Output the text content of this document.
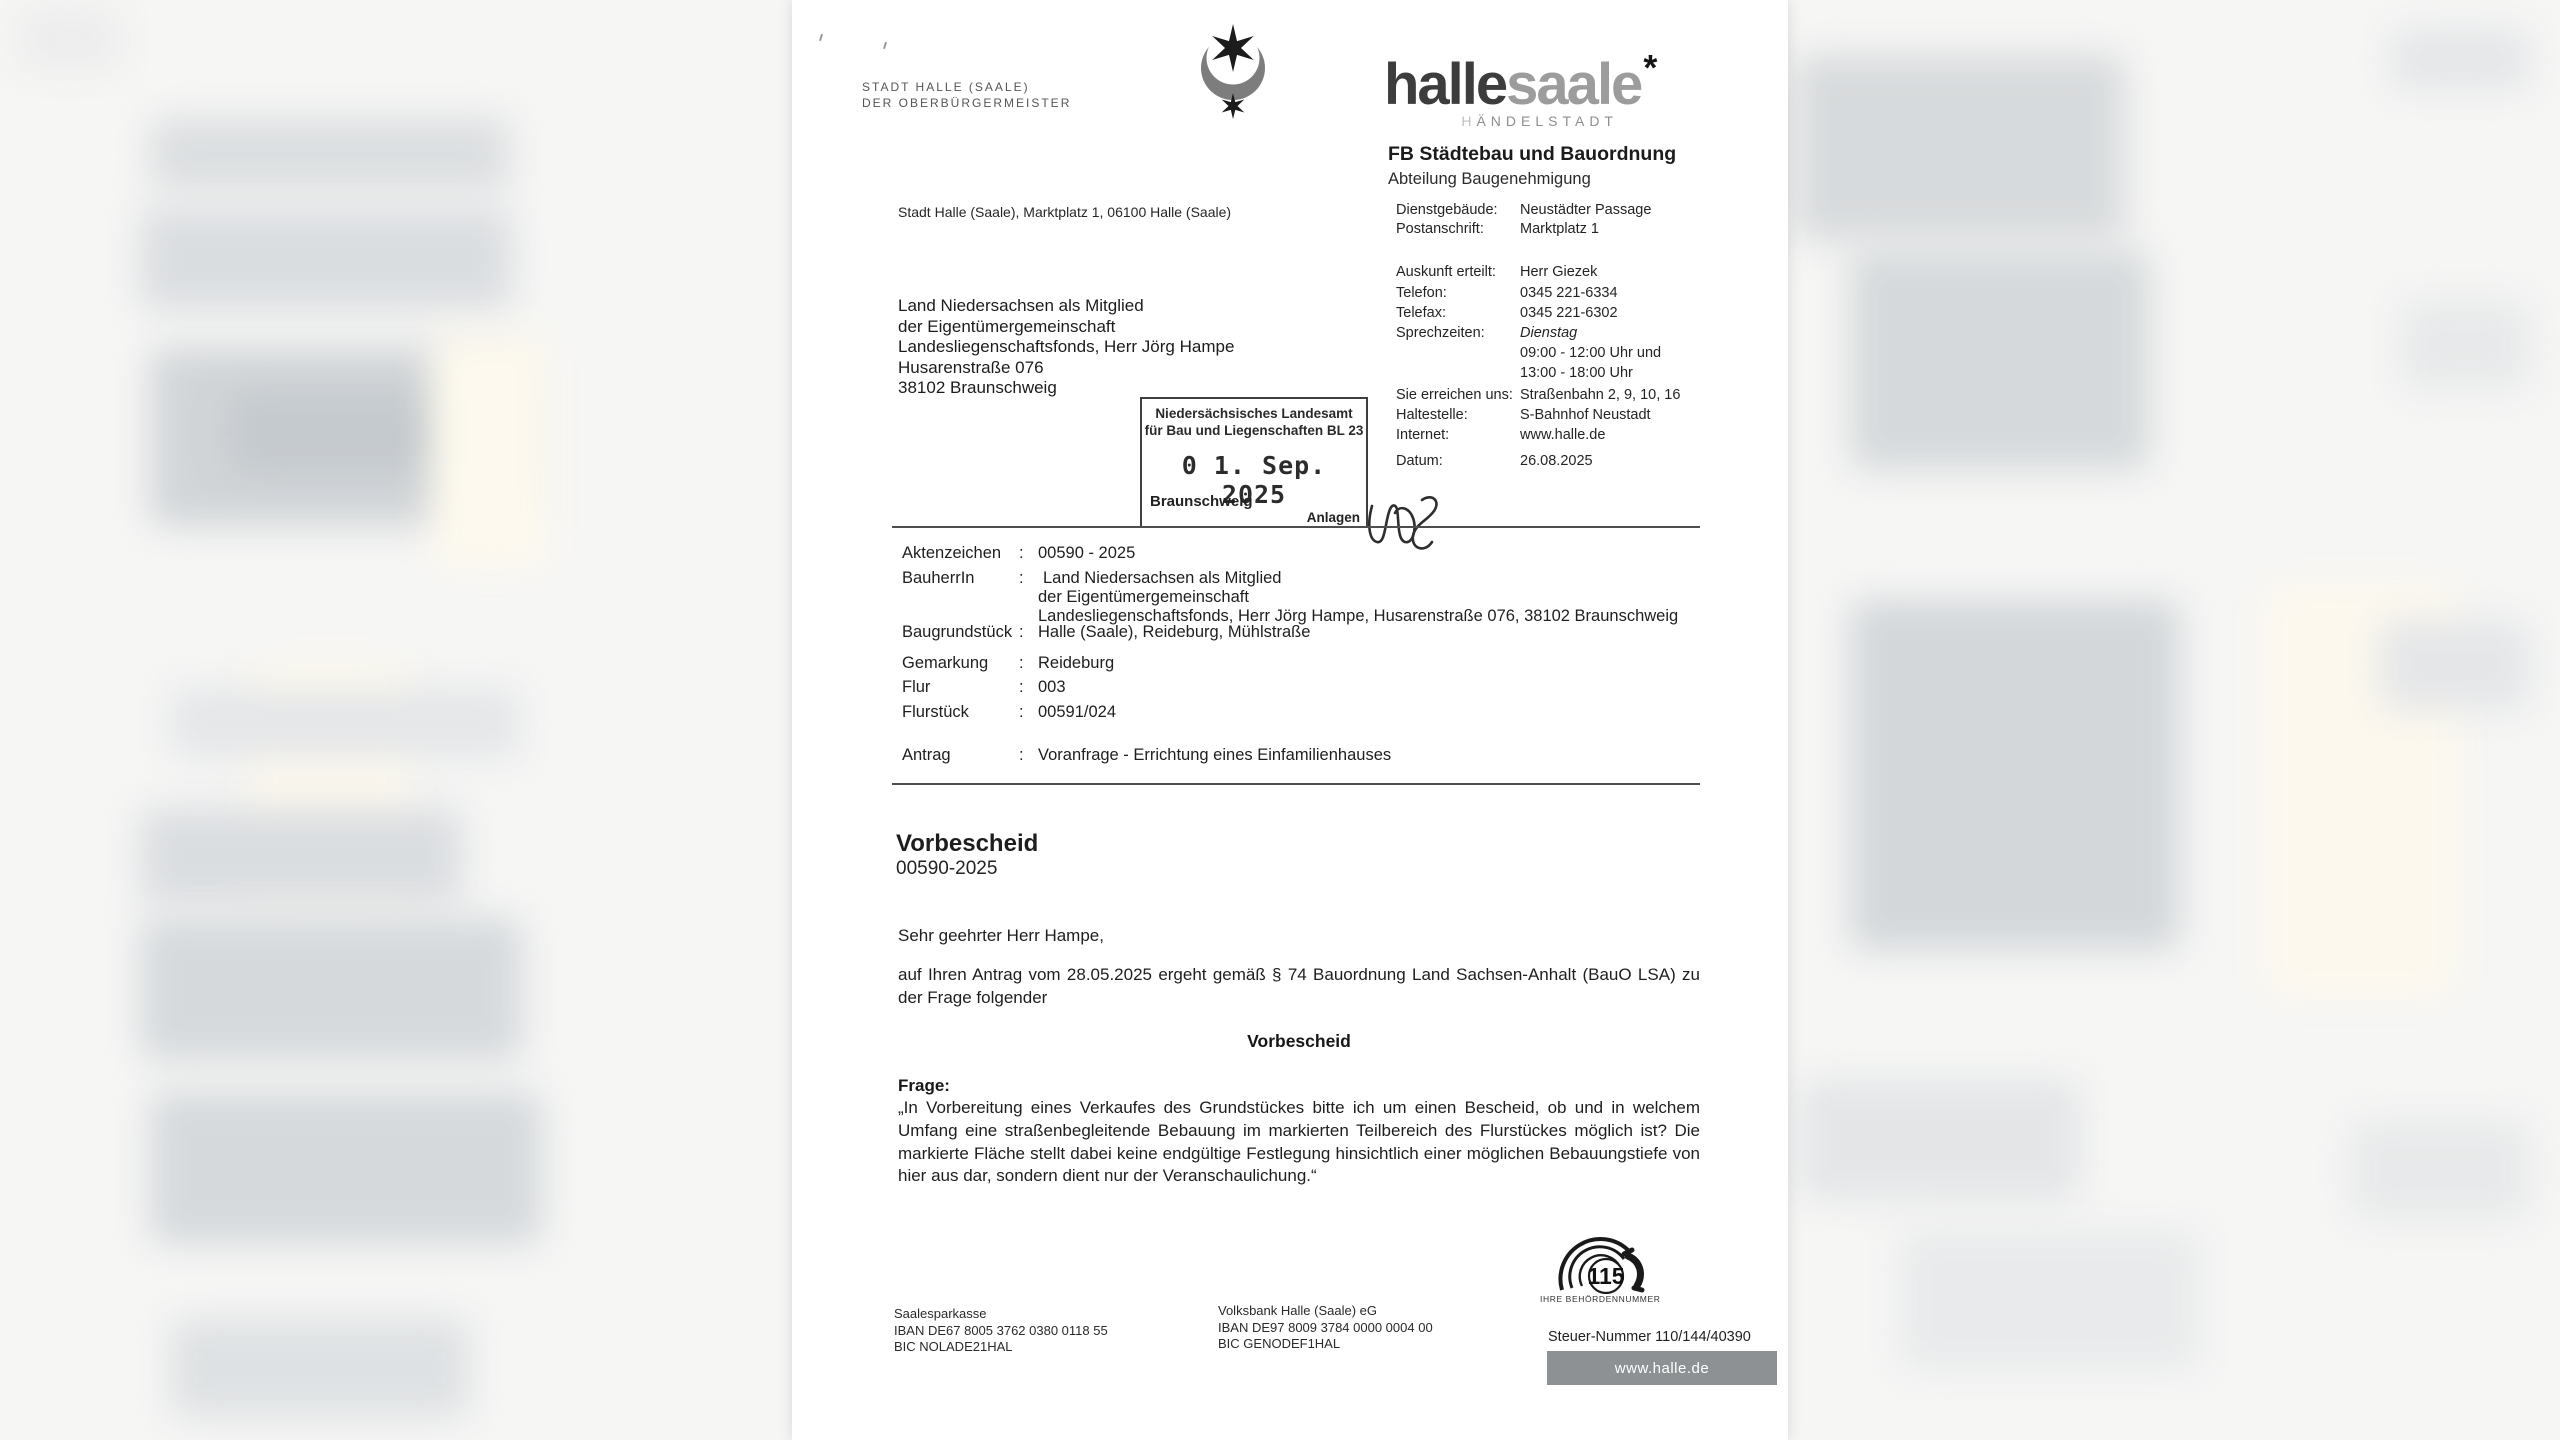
STADT HALLE (SAALE)
DER OBERBÜRGERMEISTER	hallesaale*
HÄNDELSTADT
FB Städtebau und Bauordnung
Abteilung Baugenehmigung
Stadt Halle (Saale), Marktplatz 1, 06100 Halle (Saale)
Land Niedersachsen als Mitglied
der Eigentümergemeinschaft
Landesliegenschaftsfonds, Herr Jörg Hampe
Husarenstraße 076
38102 Braunschweig
Niedersächsisches Landesamt
für Bau und Liegenschaften BL 23
0 1. Sep. 2025
Braunschweig
Anlagen
Dienstgebäude: Neustädter Passage
Postanschrift: Marktplatz 1
Auskunft erteilt: Herr Giezek
Telefon:	0345 221-6334
Telefax:	0345 221-6302
Sprechzeiten: Dienstag
09:00 - 12:00 Uhr und
13:00 - 18:00 Uhr
Sie erreichen uns: Straßenbahn 2, 9, 10, 16
Haltestelle:	S-Bahnhof Neustadt
Internet:	www.halle.de
Datum:	26.08.2025
Aktenzeichen : 00590 - 2025
BauherrIn	: Land Niedersachsen als Mitglied
der Eigentümergemeinschaft
Landesliegenschaftsfonds, Herr Jörg Hampe, Husarenstraße 076, 38102 Braunschweig
Baugrundstück : Halle (Saale), Reideburg, Mühlstraße
Gemarkung : Reideburg
Flur	: 003
Flurstück	: 00591/024
Antrag	: Voranfrage - Errichtung eines Einfamilienhauses
Vorbescheid
00590-2025
Sehr geehrter Herr Hampe,
auf Ihren Antrag vom 28.05.2025 ergeht gemäß § 74 Bauordnung Land Sachsen-Anhalt (BauO LSA) zu der Frage folgender
Vorbescheid
Frage:
„In Vorbereitung eines Verkaufes des Grundstückes bitte ich um einen Bescheid, ob und in welchem Umfang eine straßenbegleitende Bebauung im markierten Teilbereich des Flurstückes möglich ist? Die markierte Fläche stellt dabei keine endgültige Festlegung hinsichtlich einer möglichen Bebauungstiefe von hier aus dar, sondern dient nur der Veranschaulichung.“
Saalesparkasse
IBAN DE67 8005 3762 0380 0118 55
BIC NOLADE21HAL
Volksbank Halle (Saale) eG
IBAN DE97 8009 3784 0000 0004 00
BIC GENODEF1HAL
115
IHRE BEHÖRDENNUMMER
Steuer-Nummer 110/144/40390
www.halle.de
